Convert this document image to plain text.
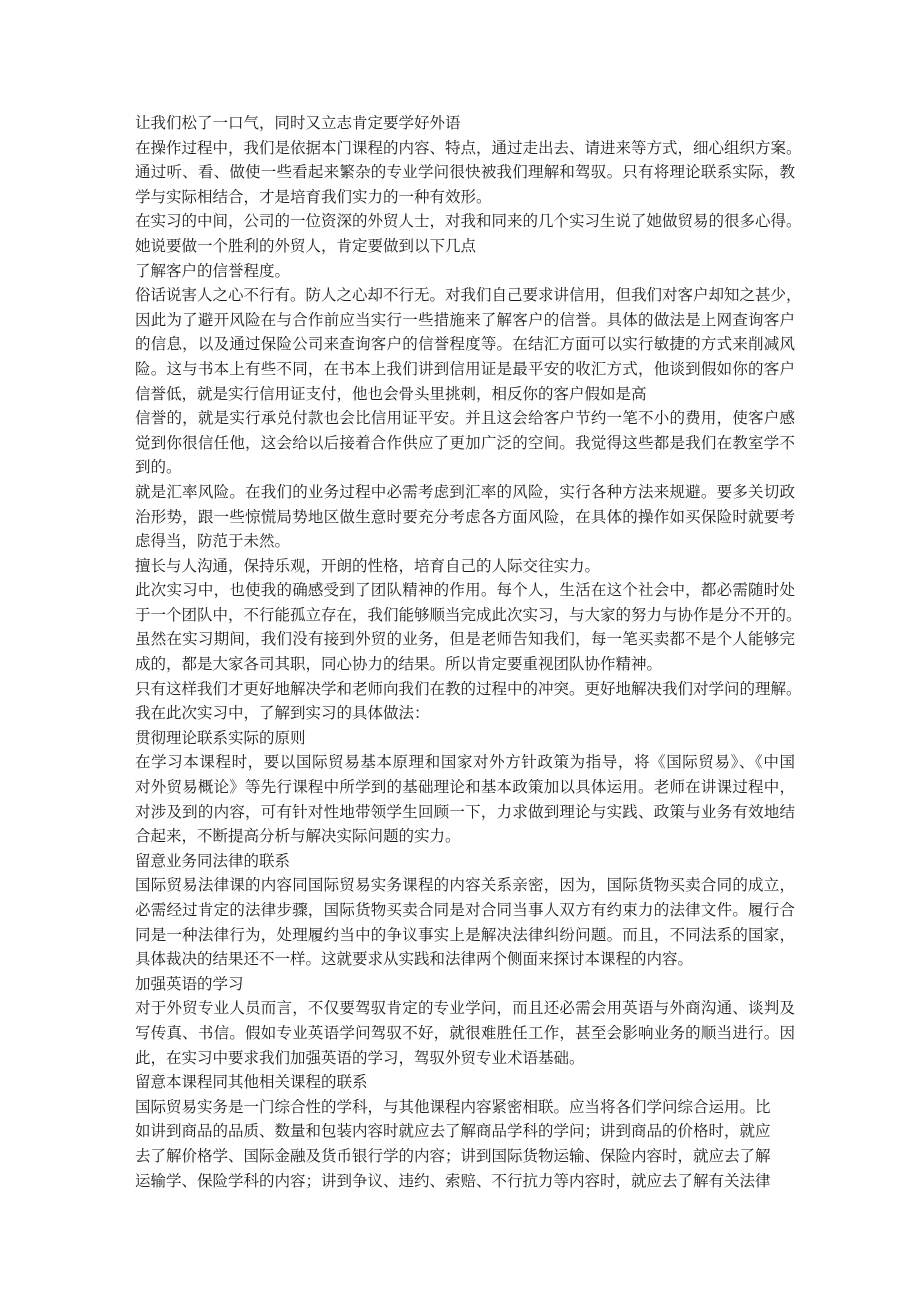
让我们松了一口气，同时又立志肯定要学好外语
在操作过程中，我们是依据本门课程的内容、特点，通过走出去、请进来等方式，细心组织方案。
通过听、看、做使一些看起来繁杂的专业学问很快被我们理解和驾驭。只有将理论联系实际，教
学与实际相结合，才是培育我们实力的一种有效形。
在实习的中间，公司的一位资深的外贸人士，对我和同来的几个实习生说了她做贸易的很多心得。
她说要做一个胜利的外贸人，肯定要做到以下几点
了解客户的信誉程度。
俗话说害人之心不行有。防人之心却不行无。对我们自己要求讲信用，但我们对客户却知之甚少，
因此为了避开风险在与合作前应当实行一些措施来了解客户的信誉。具体的做法是上网查询客户
的信息，以及通过保险公司来查询客户的信誉程度等。在结汇方面可以实行敏捷的方式来削减风
险。这与书本上有些不同，在书本上我们讲到信用证是最平安的收汇方式，他谈到假如你的客户
信誉低，就是实行信用证支付，他也会骨头里挑刺，相反你的客户假如是高
信誉的，就是实行承兑付款也会比信用证平安。并且这会给客户节约一笔不小的费用，使客户感
觉到你很信任他，这会给以后接着合作供应了更加广泛的空间。我觉得这些都是我们在教室学不
到的。
就是汇率风险。在我们的业务过程中必需考虑到汇率的风险，实行各种方法来规避。要多关切政
治形势，跟一些惊慌局势地区做生意时要充分考虑各方面风险，在具体的操作如买保险时就要考
虑得当，防范于未然。
擅长与人沟通，保持乐观，开朗的性格，培育自己的人际交往实力。
此次实习中，也使我的确感受到了团队精神的作用。每个人，生活在这个社会中，都必需随时处
于一个团队中，不行能孤立存在，我们能够顺当完成此次实习，与大家的努力与协作是分不开的。
虽然在实习期间，我们没有接到外贸的业务，但是老师告知我们，每一笔买卖都不是个人能够完
成的，都是大家各司其职，同心协力的结果。所以肯定要重视团队协作精神。
只有这样我们才更好地解决学和老师向我们在教的过程中的冲突。更好地解决我们对学问的理解。
我在此次实习中，了解到实习的具体做法：
贯彻理论联系实际的原则
在学习本课程时，要以国际贸易基本原理和国家对外方针政策为指导，将《国际贸易》、《中国
对外贸易概论》等先行课程中所学到的基础理论和基本政策加以具体运用。老师在讲课过程中，
对涉及到的内容，可有针对性地带领学生回顾一下，力求做到理论与实践、政策与业务有效地结
合起来，不断提高分析与解决实际问题的实力。
留意业务同法律的联系
国际贸易法律课的内容同国际贸易实务课程的内容关系亲密，因为，国际货物买卖合同的成立，
必需经过肯定的法律步骤，国际货物买卖合同是对合同当事人双方有约束力的法律文件。履行合
同是一种法律行为，处理履约当中的争议事实上是解决法律纠纷问题。而且，不同法系的国家，
具体裁决的结果还不一样。这就要求从实践和法律两个侧面来探讨本课程的内容。
加强英语的学习
对于外贸专业人员而言，不仅要驾驭肯定的专业学问，而且还必需会用英语与外商沟通、谈判及
写传真、书信。假如专业英语学问驾驭不好，就很难胜任工作，甚至会影响业务的顺当进行。因
此，在实习中要求我们加强英语的学习，驾驭外贸专业术语基础。
留意本课程同其他相关课程的联系
国际贸易实务是一门综合性的学科，与其他课程内容紧密相联。应当将各们学问综合运用。比
如讲到商品的品质、数量和包装内容时就应去了解商品学科的学问；讲到商品的价格时，就应
去了解价格学、国际金融及货币银行学的内容；讲到国际货物运输、保险内容时，就应去了解
运输学、保险学科的内容；讲到争议、违约、索赔、不行抗力等内容时，就应去了解有关法律
